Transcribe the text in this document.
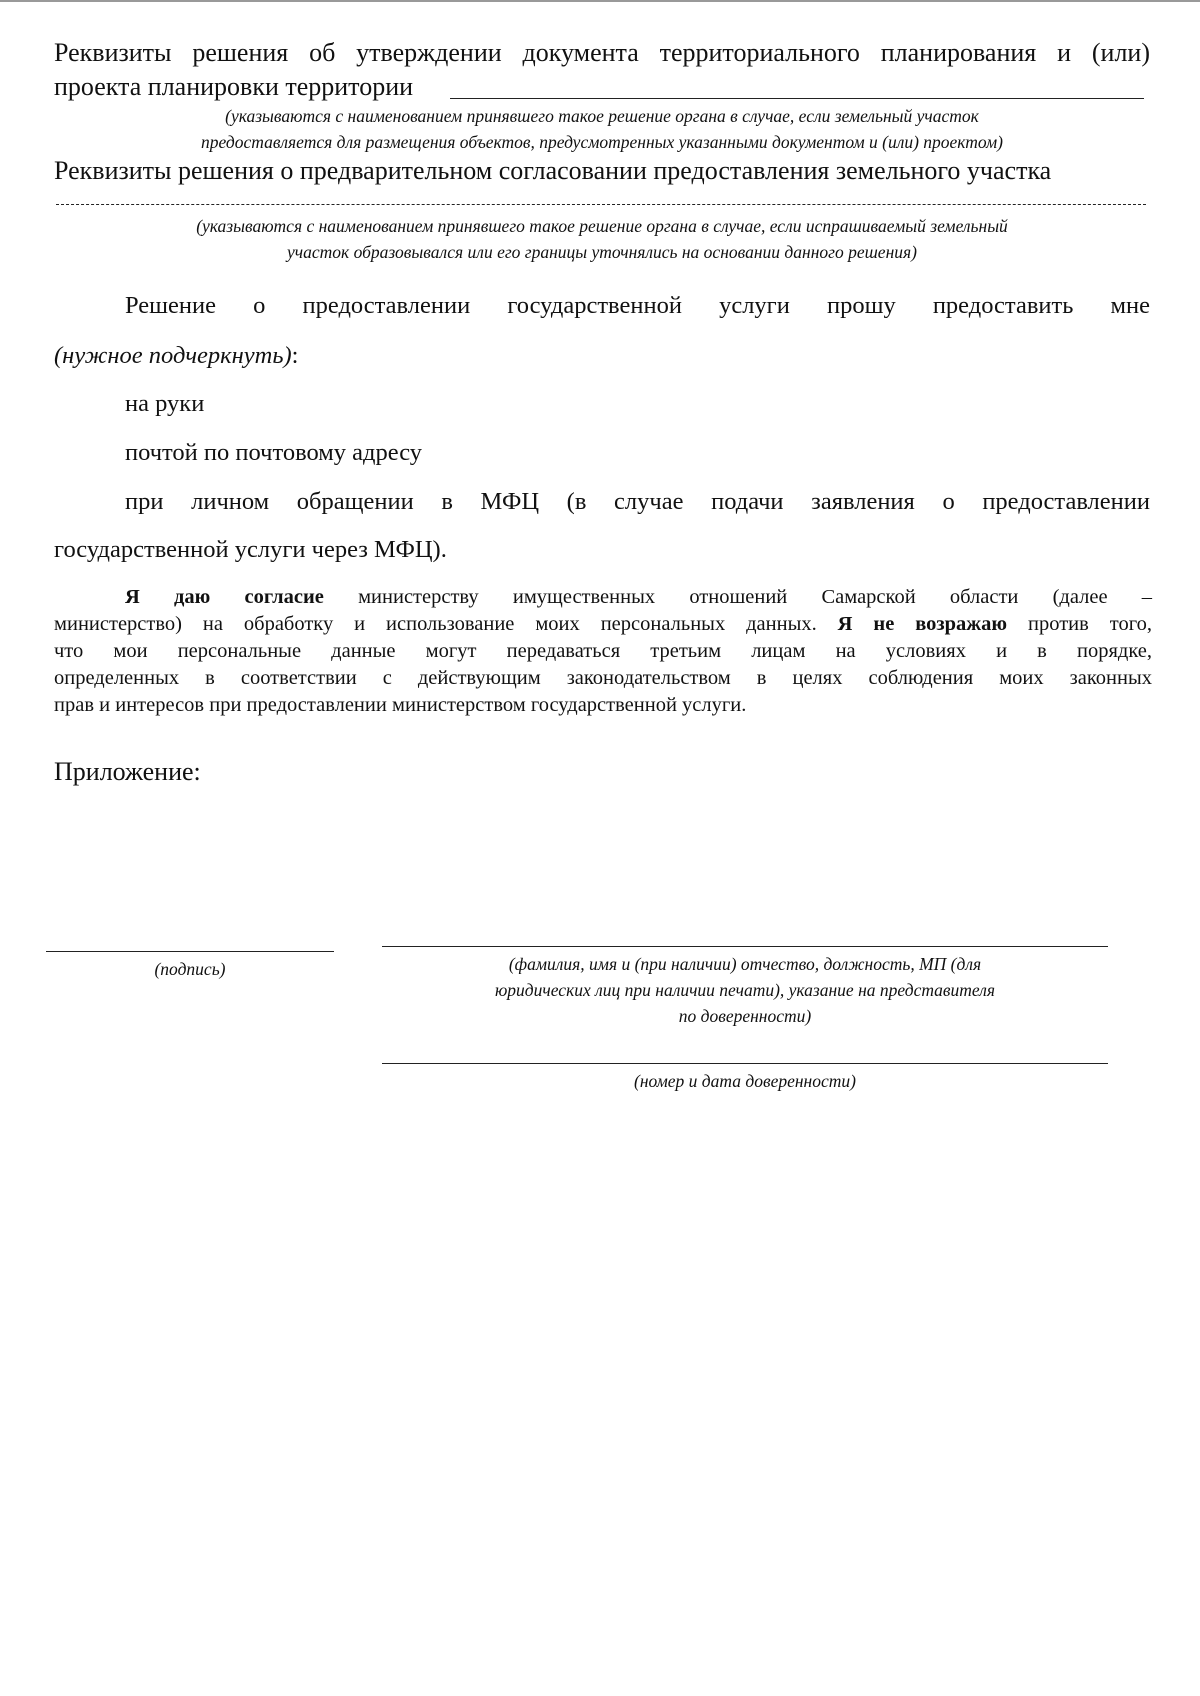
Реквизиты решения об утверждении документа территориального планирования и (или)
проекта планировки территории
(указываются с наименованием принявшего такое решение органа в случае, если земельный участок
предоставляется для размещения объектов, предусмотренных указанными документом и (или) проектом)
Реквизиты решения о предварительном согласовании предоставления земельного участка
(указываются с наименованием принявшего такое решение органа в случае, если испрашиваемый земельный
участок образовывался или его границы уточнялись на основании данного решения)
Решение о предоставлении государственной услуги прошу предоставить мне
(нужное подчеркнуть):
на руки
почтой по почтовому адресу
при личном обращении в МФЦ (в случае подачи заявления о предоставлении
государственной услуги через МФЦ).
Я даю согласие министерству имущественных отношений Самарской области (далее –
министерство) на обработку и использование моих персональных данных. Я не возражаю против того,
что мои персональные данные могут передаваться третьим лицам на условиях и в порядке,
определенных в соответствии с действующим законодательством в целях соблюдения моих законных
прав и интересов при предоставлении министерством государственной услуги.
Приложение:
(подпись)	(фамилия, имя и (при наличии) отчество, должность, МП (для
юридических лиц при наличии печати), указание на представителя
по доверенности)
(номер и дата доверенности)
